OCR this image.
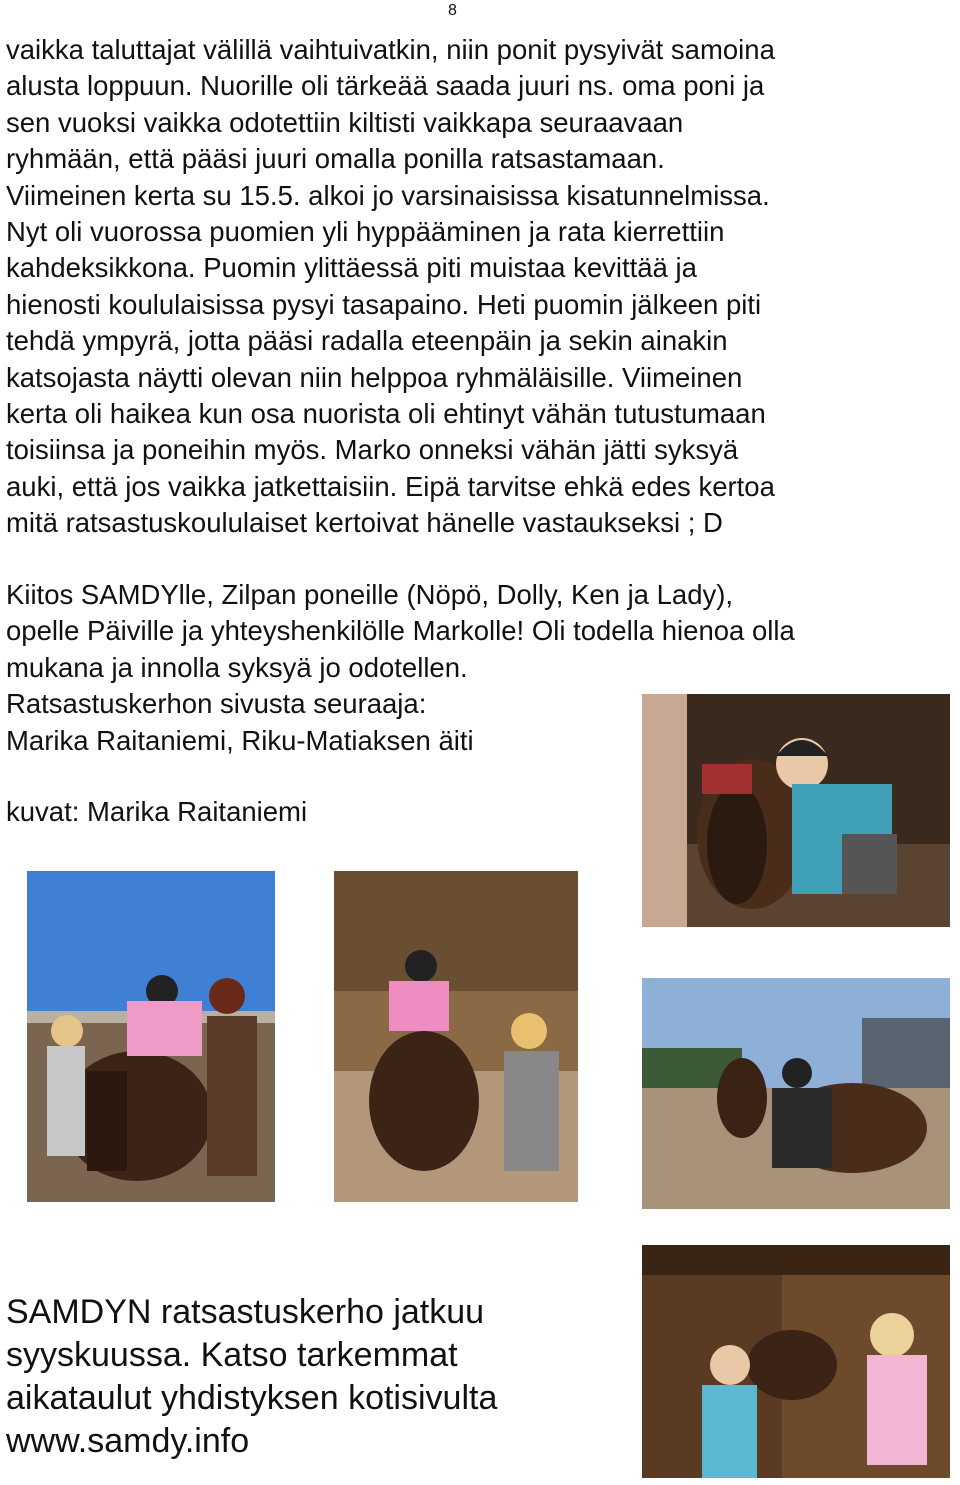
8

vaikka taluttajat välillä vaihtuivatkin, niin ponit pysyivät samoina
alusta loppuun. Nuorille oli tärkeää saada juuri ns. oma poni ja
sen vuoksi vaikka odotettiin kiltisti vaikkapa seuraavaan
ryhmään, että pääsi juuri omalla ponilla ratsastamaan.
Viimeinen kerta su 15.5. alkoi jo varsinaisissa kisatunnelmissa.
Nyt oli vuorossa puomien yli hyppääminen ja rata kierrettiin
kahdeksikkona. Puomin ylittäessä piti muistaa kevittää ja
hienosti koululaisissa pysyi tasapaino. Heti puomin jälkeen piti
tehdä ympyrä, jotta pääsi radalla eteenpäin ja sekin ainakin
katsojasta näytti olevan niin helppoa ryhmäläisille. Viimeinen
kerta oli haikea kun osa nuorista oli ehtinyt vähän tutustumaan
toisiinsa ja poneihin myös. Marko onneksi vähän jätti syksyä
auki, että jos vaikka jatkettaisiin. Eipä tarvitse ehkä edes kertoa
mitä ratsastuskoululaiset kertoivat hänelle vastaukseksi ; D

Kiitos SAMDYlle, Zilpan poneille (Nöpö, Dolly, Ken ja Lady),
opelle Päiville ja yhteyshenkilölle Markolle! Oli todella hienoa olla
mukana ja innolla syksyä jo odotellen.
Ratsastuskerhon sivusta seuraaja:
Marika Raitaniemi, Riku-Matiaksen äiti

kuvat: Marika Raitaniemi

SAMDYN ratsastuskerho jatkuu
syyskuussa. Katso tarkemmat
aikataulut yhdistyksen kotisivulta
www.samdy.info
